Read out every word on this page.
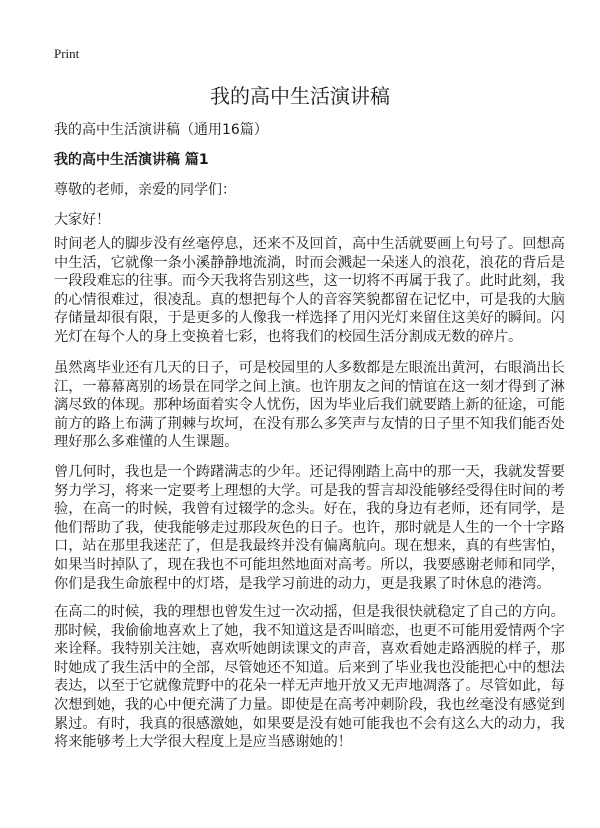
Print
我的高中生活演讲稿
我的高中生活演讲稿（通用16篇）
我的高中生活演讲稿 篇1
尊敬的老师，亲爱的同学们：
大家好！
时间老人的脚步没有丝毫停息，还来不及回首，高中生活就要画上句号了。回想高
中生活，它就像一条小溪静静地流淌，时而会溅起一朵迷人的浪花，浪花的背后是
一段段难忘的往事。而今天我将告别这些，这一切将不再属于我了。此时此刻，我
的心情很难过，很凌乱。真的想把每个人的音容笑貌都留在记忆中，可是我的大脑
存储量却很有限，于是更多的人像我一样选择了用闪光灯来留住这美好的瞬间。闪
光灯在每个人的身上变换着七彩，也将我们的校园生活分割成无数的碎片。
虽然离毕业还有几天的日子，可是校园里的人多数都是左眼流出黄河，右眼淌出长
江，一幕幕离别的场景在同学之间上演。也许朋友之间的情谊在这一刻才得到了淋
漓尽致的体现。那种场面着实令人忧伤，因为毕业后我们就要踏上新的征途，可能
前方的路上布满了荆棘与坎坷，在没有那么多笑声与友情的日子里不知我们能否处
理好那么多难懂的人生课题。
曾几何时，我也是一个踌躇满志的少年。还记得刚踏上高中的那一天，我就发誓要
努力学习，将来一定要考上理想的大学。可是我的誓言却没能够经受得住时间的考
验，在高一的时候，我曾有过辍学的念头。好在，我的身边有老师，还有同学，是
他们帮助了我，使我能够走过那段灰色的日子。也许，那时就是人生的一个十字路
口，站在那里我迷茫了，但是我最终并没有偏离航向。现在想来，真的有些害怕，
如果当时掉队了，现在我也不可能坦然地面对高考。所以，我要感谢老师和同学，
你们是我生命旅程中的灯塔，是我学习前进的动力，更是我累了时休息的港湾。
在高二的时候，我的理想也曾发生过一次动摇，但是我很快就稳定了自己的方向。
那时候，我偷偷地喜欢上了她，我不知道这是否叫暗恋，也更不可能用爱情两个字
来诠释。我特别关注她，喜欢听她朗读课文的声音，喜欢看她走路洒脱的样子，那
时她成了我生活中的全部，尽管她还不知道。后来到了毕业我也没能把心中的想法
表达，以至于它就像荒野中的花朵一样无声地开放又无声地凋落了。尽管如此，每
次想到她，我的心中便充满了力量。即使是在高考冲刺阶段，我也丝毫没有感觉到
累过。有时，我真的很感激她，如果要是没有她可能我也不会有这么大的动力，我
将来能够考上大学很大程度上是应当感谢她的！
